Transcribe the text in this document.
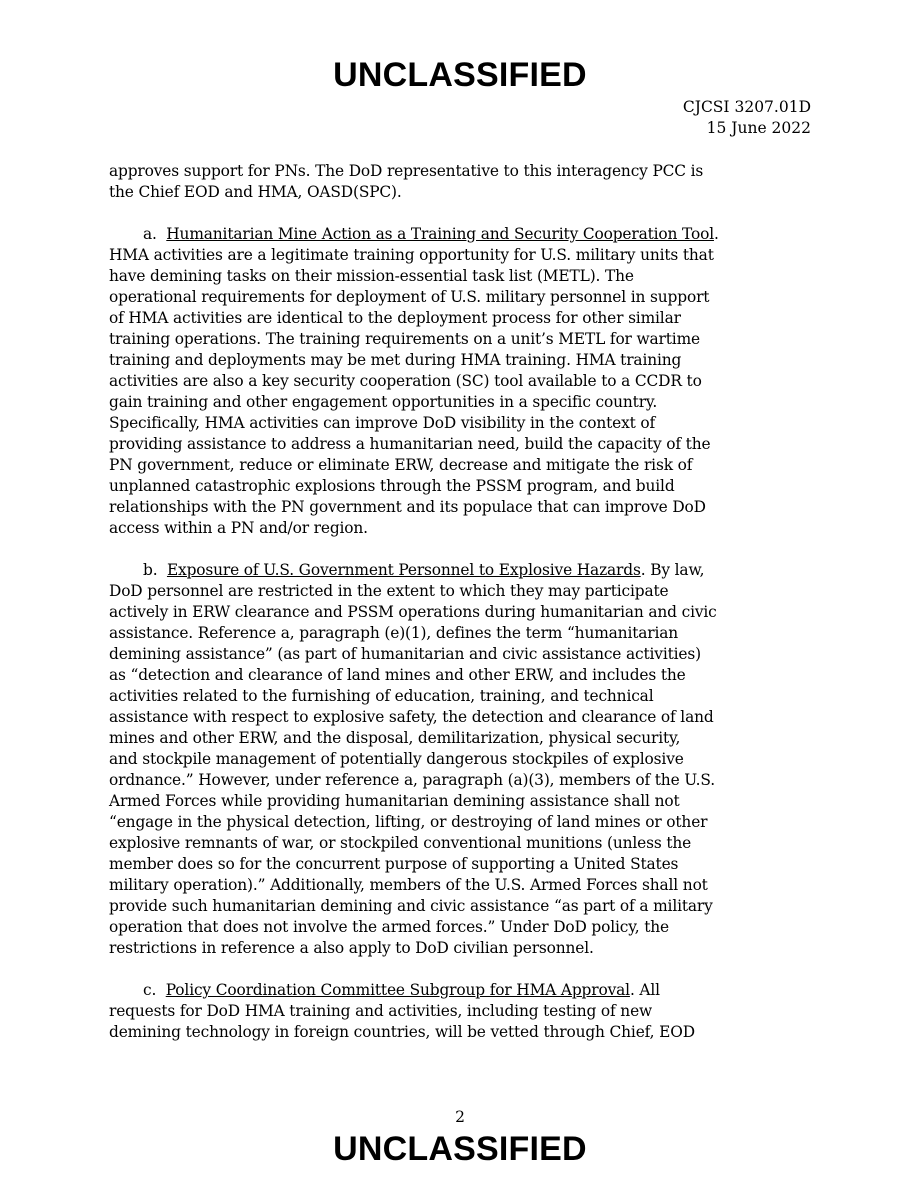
UNCLASSIFIED
CJCSI 3207.01D
15 June 2022

approves support for PNs. The DoD representative to this interagency PCC is
the Chief EOD and HMA, OASD(SPC).

a. Humanitarian Mine Action as a Training and Security Cooperation Tool.
HMA activities are a legitimate training opportunity for U.S. military units that
have demining tasks on their mission-essential task list (METL). The
operational requirements for deployment of U.S. military personnel in support
of HMA activities are identical to the deployment process for other similar
training operations. The training requirements on a unit’s METL for wartime
training and deployments may be met during HMA training. HMA training
activities are also a key security cooperation (SC) tool available to a CCDR to
gain training and other engagement opportunities in a specific country.
Specifically, HMA activities can improve DoD visibility in the context of
providing assistance to address a humanitarian need, build the capacity of the
PN government, reduce or eliminate ERW, decrease and mitigate the risk of
unplanned catastrophic explosions through the PSSM program, and build
relationships with the PN government and its populace that can improve DoD
access within a PN and/or region.

b. Exposure of U.S. Government Personnel to Explosive Hazards. By law,
DoD personnel are restricted in the extent to which they may participate
actively in ERW clearance and PSSM operations during humanitarian and civic
assistance. Reference a, paragraph (e)(1), defines the term “humanitarian
demining assistance” (as part of humanitarian and civic assistance activities)
as “detection and clearance of land mines and other ERW, and includes the
activities related to the furnishing of education, training, and technical
assistance with respect to explosive safety, the detection and clearance of land
mines and other ERW, and the disposal, demilitarization, physical security,
and stockpile management of potentially dangerous stockpiles of explosive
ordnance.” However, under reference a, paragraph (a)(3), members of the U.S.
Armed Forces while providing humanitarian demining assistance shall not
“engage in the physical detection, lifting, or destroying of land mines or other
explosive remnants of war, or stockpiled conventional munitions (unless the
member does so for the concurrent purpose of supporting a United States
military operation).” Additionally, members of the U.S. Armed Forces shall not
provide such humanitarian demining and civic assistance “as part of a military
operation that does not involve the armed forces.” Under DoD policy, the
restrictions in reference a also apply to DoD civilian personnel.

c. Policy Coordination Committee Subgroup for HMA Approval. All
requests for DoD HMA training and activities, including testing of new
demining technology in foreign countries, will be vetted through Chief, EOD

2
UNCLASSIFIED
